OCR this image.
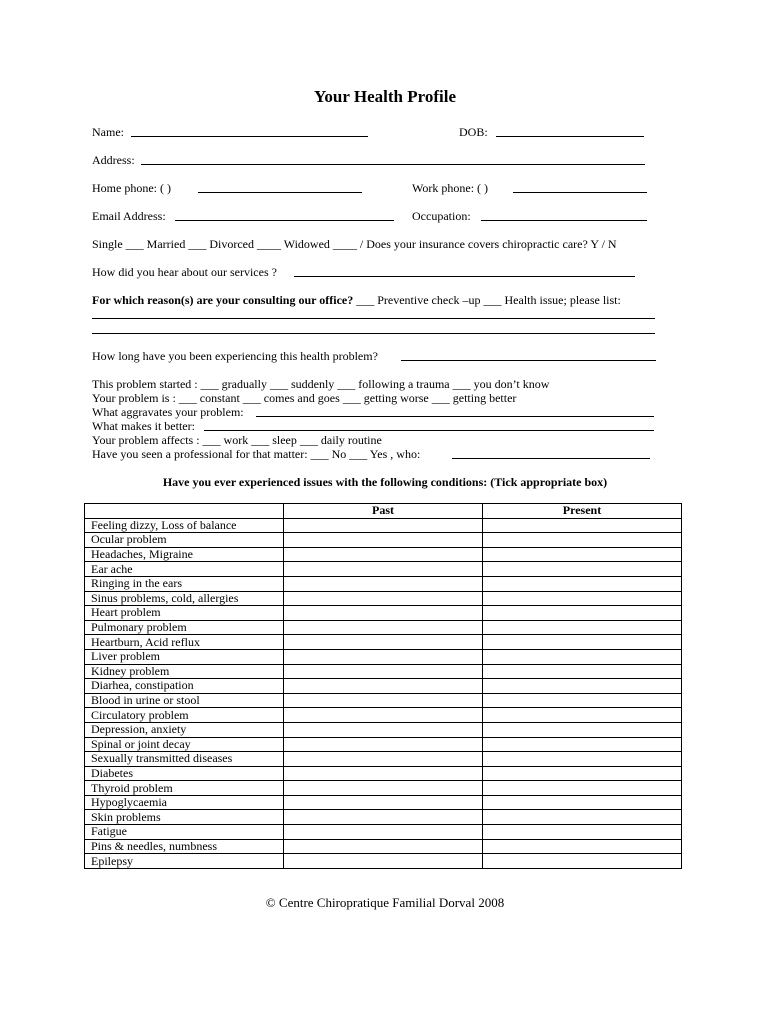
Your Health Profile
Name:	DOB:
Address:
Home phone: ( )	Work phone: ( )
Email Address:	Occupation:
Single ___ Married ___ Divorced ____ Widowed ____ / Does your insurance covers chiropractic care? Y / N
How did you hear about our services ?
For which reason(s) are your consulting our office? ___ Preventive check –up ___ Health issue; please list:
How long have you been experiencing this health problem?
This problem started : ___ gradually ___ suddenly ___ following a trauma ___ you don’t know
Your problem is : ___ constant ___ comes and goes ___ getting worse ___ getting better
What aggravates your problem:
What makes it better:
Your problem affects : ___ work ___ sleep ___ daily routine
Have you seen a professional for that matter: ___ No ___ Yes , who:
Have you ever experienced issues with the following conditions: (Tick appropriate box)
	Past	Present
Feeling dizzy, Loss of balance		
Ocular problem		
Headaches, Migraine		
Ear ache		
Ringing in the ears		
Sinus problems, cold, allergies		
Heart problem		
Pulmonary problem		
Heartburn, Acid reflux		
Liver problem		
Kidney problem		
Diarhea, constipation		
Blood in urine or stool		
Circulatory problem		
Depression, anxiety		
Spinal or joint decay		
Sexually transmitted diseases		
Diabetes		
Thyroid problem		
Hypoglycaemia		
Skin problems		
Fatigue		
Pins & needles, numbness		
Epilepsy		
© Centre Chiropratique Familial Dorval 2008
